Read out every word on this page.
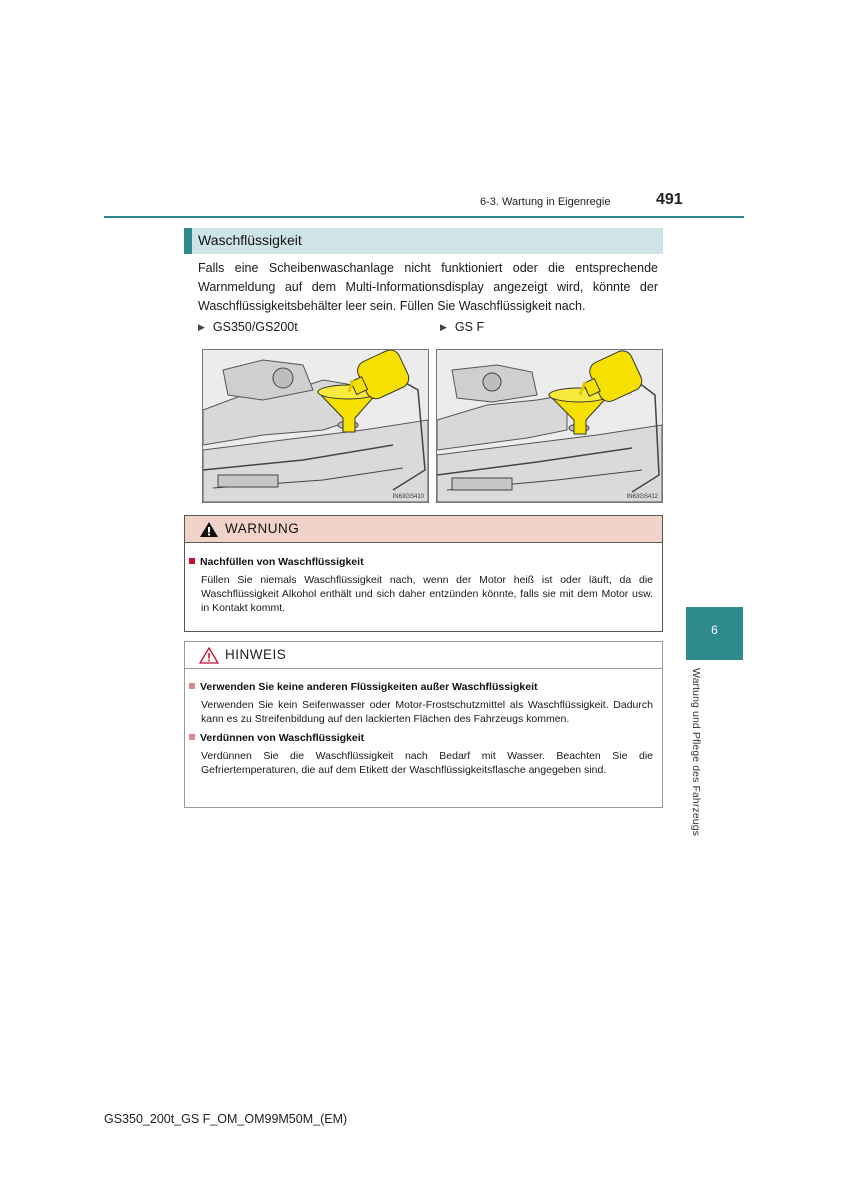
6-3. Wartung in Eigenregie	491
6
Wartung und Pflege des Fahrzeugs
Waschflüssigkeit
Falls eine Scheibenwaschanlage nicht funktioniert oder die entsprechende Warnmeldung auf dem Multi-Informationsdisplay angezeigt wird, könnte der Waschflüssigkeitsbehälter leer sein. Füllen Sie Waschflüssigkeit nach.
▶ GS350/GS200t	▶ GS F
IN63GS410	IN63GS412
WARNUNG
Nachfüllen von Waschflüssigkeit
Füllen Sie niemals Waschflüssigkeit nach, wenn der Motor heiß ist oder läuft, da die Waschflüssigkeit Alkohol enthält und sich daher entzünden könnte, falls sie mit dem Motor usw. in Kontakt kommt.
HINWEIS
Verwenden Sie keine anderen Flüssigkeiten außer Waschflüssigkeit
Verwenden Sie kein Seifenwasser oder Motor-Frostschutzmittel als Waschflüssigkeit. Dadurch kann es zu Streifenbildung auf den lackierten Flächen des Fahrzeugs kommen.
Verdünnen von Waschflüssigkeit
Verdünnen Sie die Waschflüssigkeit nach Bedarf mit Wasser. Beachten Sie die Gefriertemperaturen, die auf dem Etikett der Waschflüssigkeitsflasche angegeben sind.
GS350_200t_GS F_OM_OM99M50M_(EM)
